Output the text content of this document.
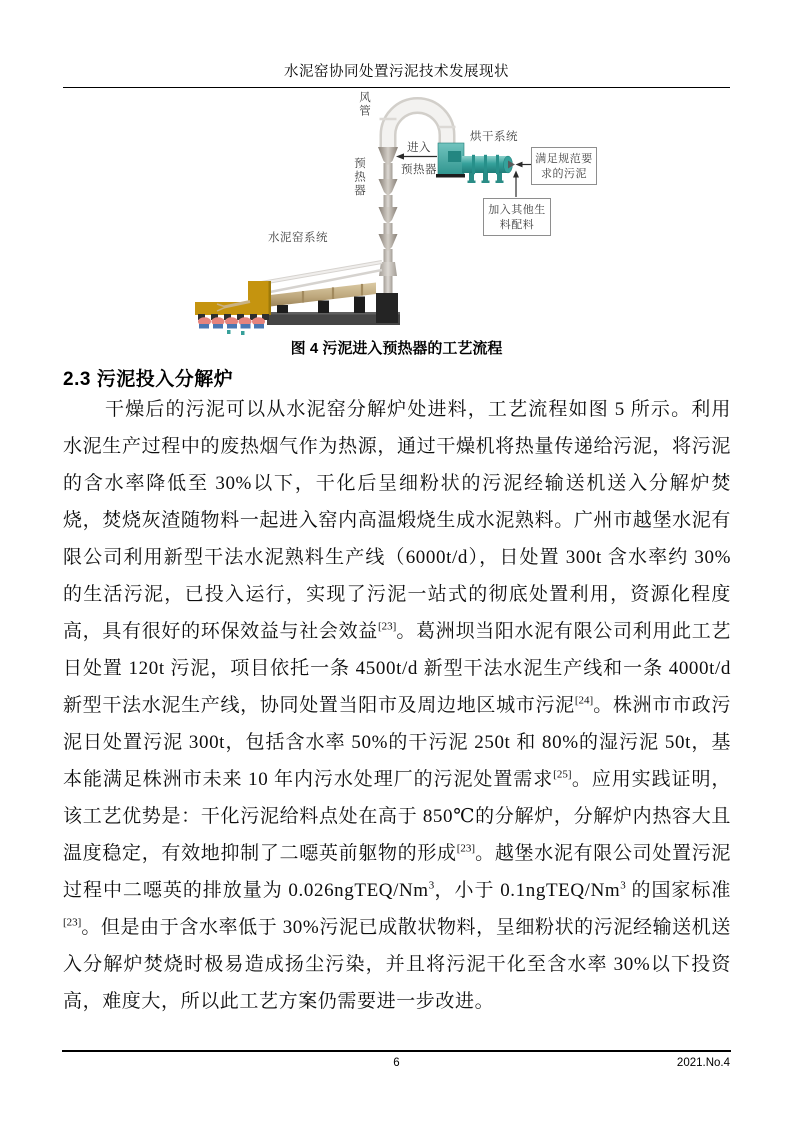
水泥窑协同处置污泥技术发展现状
风管
烘干系统
进入
预热器
预热器
水泥窑系统
满足规范要求的污泥
加入其他生料配料
图 4 污泥进入预热器的工艺流程
2.3 污泥投入分解炉

干燥后的污泥可以从水泥窑分解炉处进料，工艺流程如图 5 所示。利用水泥生产过程中的废热烟气作为热源，通过干燥机将热量传递给污泥，将污泥的含水率降低至 30%以下，干化后呈细粉状的污泥经输送机送入分解炉焚烧，焚烧灰渣随物料一起进入窑内高温煅烧生成水泥熟料。广州市越堡水泥有限公司利用新型干法水泥熟料生产线（6000t/d），日处置 300t 含水率约 30%的生活污泥，已投入运行，实现了污泥一站式的彻底处置利用，资源化程度高，具有很好的环保效益与社会效益[23]。葛洲坝当阳水泥有限公司利用此工艺日处置 120t 污泥，项目依托一条 4500t/d 新型干法水泥生产线和一条 4000t/d 新型干法水泥生产线，协同处置当阳市及周边地区城市污泥[24]。株洲市市政污泥日处置污泥 300t，包括含水率 50%的干污泥 250t 和 80%的湿污泥 50t，基本能满足株洲市未来 10 年内污水处理厂的污泥处置需求[25]。应用实践证明，该工艺优势是：干化污泥给料点处在高于 850℃的分解炉，分解炉内热容大且温度稳定，有效地抑制了二噁英前躯物的形成[23]。越堡水泥有限公司处置污泥过程中二噁英的排放量为 0.026ngTEQ/Nm$^3$，小于 0.1ngTEQ/Nm$^3$ 的国家标准[23]。但是由于含水率低于 30%污泥已成散状物料，呈细粉状的污泥经输送机送入分解炉焚烧时极易造成扬尘污染，并且将污泥干化至含水率 30%以下投资高，难度大，所以此工艺方案仍需要进一步改进。

6	2021.No.4
